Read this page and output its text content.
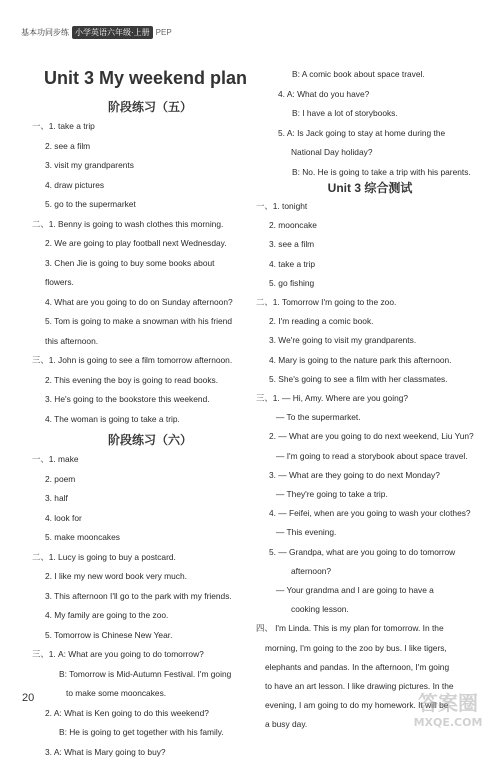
基本功同步练 小学英语六年级·上册 PEP
Unit 3 My weekend plan
阶段练习（五）
一、1. take a trip
2. see a film
3. visit my grandparents
4. draw pictures
5. go to the supermarket
二、1. Benny is going to wash clothes this morning.
2. We are going to play football next Wednesday.
3. Chen Jie is going to buy some books about
flowers.
4. What are you going to do on Sunday afternoon?
5. Tom is going to make a snowman with his friend
this afternoon.
三、1. John is going to see a film tomorrow afternoon.
2. This evening the boy is going to read books.
3. He's going to the bookstore this weekend.
4. The woman is going to take a trip.
阶段练习（六）
一、1. make
2. poem
3. half
4. look for
5. make mooncakes
二、1. Lucy is going to buy a postcard.
2. I like my new word book very much.
3. This afternoon I'll go to the park with my friends.
4. My family are going to the zoo.
5. Tomorrow is Chinese New Year.
三、1. A: What are you going to do tomorrow?
B: Tomorrow is Mid-Autumn Festival. I'm going
to make some mooncakes.
2. A: What is Ken going to do this weekend?
B: He is going to get together with his family.
3. A: What is Mary going to buy?
B: A comic book about space travel.
4. A: What do you have?
B: I have a lot of storybooks.
5. A: Is Jack going to stay at home during the
National Day holiday?
B: No. He is going to take a trip with his parents.
Unit 3 综合测试
一、1. tonight
2. mooncake
3. see a film
4. take a trip
5. go fishing
二、1. Tomorrow I'm going to the zoo.
2. I'm reading a comic book.
3. We're going to visit my grandparents.
4. Mary is going to the nature park this afternoon.
5. She's going to see a film with her classmates.
三、1. — Hi, Amy. Where are you going?
— To the supermarket.
2. — What are you going to do next weekend, Liu Yun?
— I'm going to read a storybook about space travel.
3. — What are they going to do next Monday?
— They're going to take a trip.
4. — Feifei, when are you going to wash your clothes?
— This evening.
5. — Grandpa, what are you going to do tomorrow
afternoon?
— Your grandma and I are going to have a
cooking lesson.
四、 I'm Linda. This is my plan for tomorrow. In the
morning, I'm going to the zoo by bus. I like tigers,
elephants and pandas. In the afternoon, I'm going
to have an art lesson. I like drawing pictures. In the
evening, I am going to do my homework. It will be
a busy day.
20	答案圈
MXQE.COM
